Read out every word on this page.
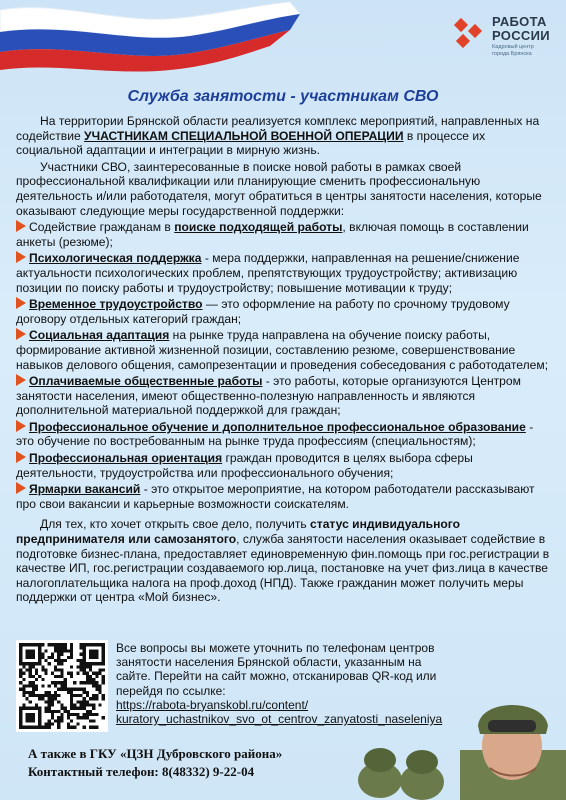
РАБОТА
РОССИИ
Кадровый центр
города Брянска
Служба занятости - участникам СВО

На территории Брянской области реализуется комплекс мероприятий, направленных на содействие УЧАСТНИКАМ СПЕЦИАЛЬНОЙ ВОЕННОЙ ОПЕРАЦИИ в процессе их социальной адаптации и интеграции в мирную жизнь.

Участники СВО, заинтересованные в поиске новой работы в рамках своей профессиональной квалификации или планирующие сменить профессиональную деятельность и/или работодателя, могут обратиться в центры занятости населения, которые оказывают следующие меры государственной поддержки:

Содействие гражданам в поиске подходящей работы, включая помощь в составлении анкеты (резюме);

Психологическая поддержка - мера поддержки, направленная на решение/снижение актуальности психологических проблем, препятствующих трудоустройству; активизацию позиции по поиску работы и трудоустройству; повышение мотивации к труду;

Временное трудоустройство — это оформление на работу по срочному трудовому договору отдельных категорий граждан;

Социальная адаптация на рынке труда направлена на обучение поиску работы, формирование активной жизненной позиции, составлению резюме, совершенствование навыков делового общения, самопрезентации и проведения собеседования с работодателем;

Оплачиваемые общественные работы - это работы, которые организуются Центром занятости населения, имеют общественно-полезную направленность и являются дополнительной материальной поддержкой для граждан;

Профессиональное обучение и дополнительное профессиональное образование - это обучение по востребованным на рынке труда профессиям (специальностям);

Профессиональная ориентация граждан проводится в целях выбора сферы деятельности, трудоустройства или профессионального обучения;

Ярмарки вакансий - это открытое мероприятие, на котором работодатели рассказывают про свои вакансии и карьерные возможности соискателям.

Для тех, кто хочет открыть свое дело, получить статус индивидуального предпринимателя или самозанятого, служба занятости населения оказывает содействие в подготовке бизнес-плана, предоставляет единовременную фин.помощь при гос.регистрации в качестве ИП, гос.регистрации создаваемого юр.лица, постановке на учет физ.лица в качестве налогоплательщика налога на проф.доход (НПД). Также гражданин может получить меры поддержки от центра «Мой бизнес».

Все вопросы вы можете уточнить по телефонам центров занятости населения Брянской области, указанным на сайте. Перейти на сайт можно, отсканировав QR-код или перейдя по ссылке:
https://rabota-bryanskobl.ru/content/
kuratory_uchastnikov_svo_ot_centrov_zanyatosti_naseleniya
А также в ГКУ «ЦЗН Дубровского района»
Контактный телефон: 8(48332) 9-22-04
